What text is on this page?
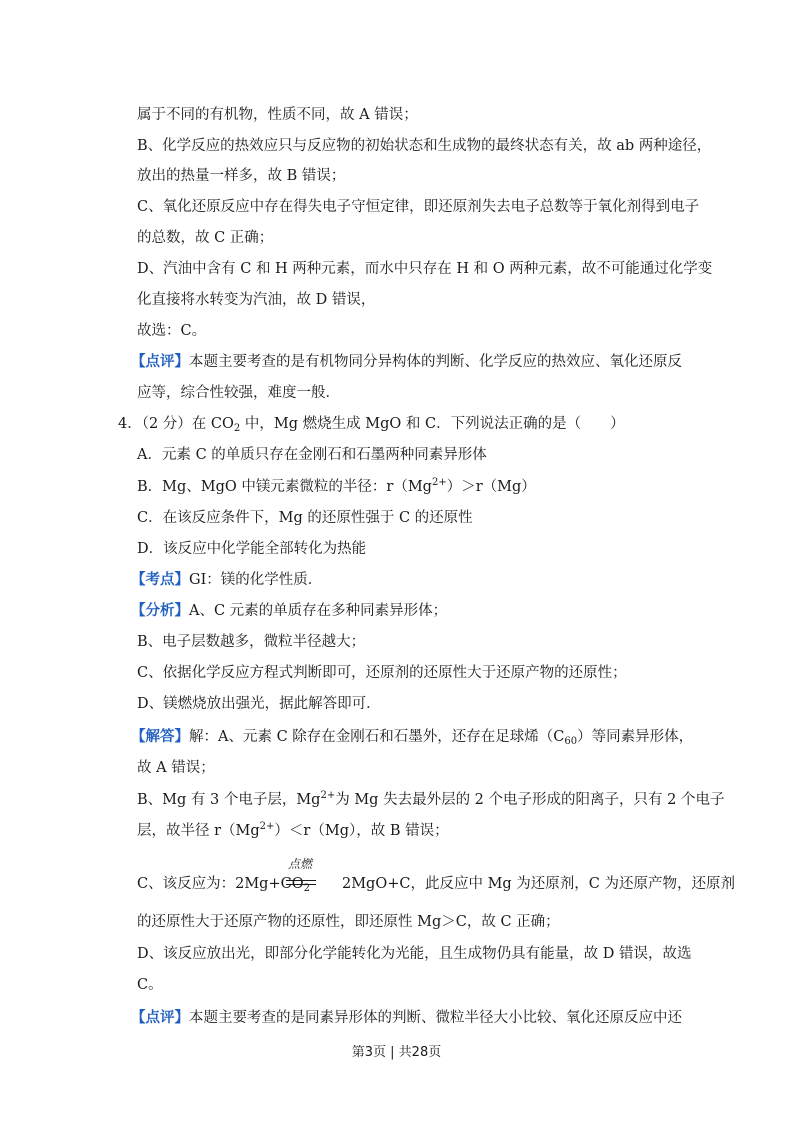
属于不同的有机物，性质不同，故 A 错误；
B、化学反应的热效应只与反应物的初始状态和生成物的最终状态有关，故 ab 两种途径，
放出的热量一样多，故 B 错误；
C、氧化还原反应中存在得失电子守恒定律，即还原剂失去电子总数等于氧化剂得到电子
的总数，故 C 正确；
D、汽油中含有 C 和 H 两种元素，而水中只存在 H 和 O 两种元素，故不可能通过化学变
化直接将水转变为汽油，故 D 错误，
故选：C。
【点评】本题主要考查的是有机物同分异构体的判断、化学反应的热效应、氧化还原反
应等，综合性较强，难度一般．
4．（2 分）在 $CO_2$ 中，Mg 燃烧生成 MgO 和 C．下列说法正确的是（　　）
A．元素 C 的单质只存在金刚石和石墨两种同素异形体
B．Mg、MgO 中镁元素微粒的半径：$r(Mg^{2+})>r(Mg)$
C．在该反应条件下，Mg 的还原性强于 C 的还原性
D．该反应中化学能全部转化为热能
【考点】GI：镁的化学性质．
【分析】A、C 元素的单质存在多种同素异形体；
B、电子层数越多，微粒半径越大；
C、依据化学反应方程式判断即可，还原剂的还原性大于还原产物的还原性；
D、镁燃烧放出强光，据此解答即可．
【解答】解：A、元素 C 除存在金刚石和石墨外，还存在足球烯$(C_{60})$等同素异形体，
故 A 错误；
B、Mg 有 3 个电子层，$Mg^{2+}$为 Mg 失去最外层的 2 个电子形成的阳离子，只有 2 个电子
层，故半径 $r(Mg^{2+})<r(Mg)$，故 B 错误；
点燃
C、该反应为：$2Mg+CO_2$ 2MgO+C，此反应中 Mg 为还原剂，C 为还原产物，还原剂
的还原性大于还原产物的还原性，即还原性 Mg＞C，故 C 正确；
D、该反应放出光，即部分化学能转化为光能，且生成物仍具有能量，故 D 错误，故选
C。
【点评】本题主要考查的是同素异形体的判断、微粒半径大小比较、氧化还原反应中还
第3页 | 共28页
